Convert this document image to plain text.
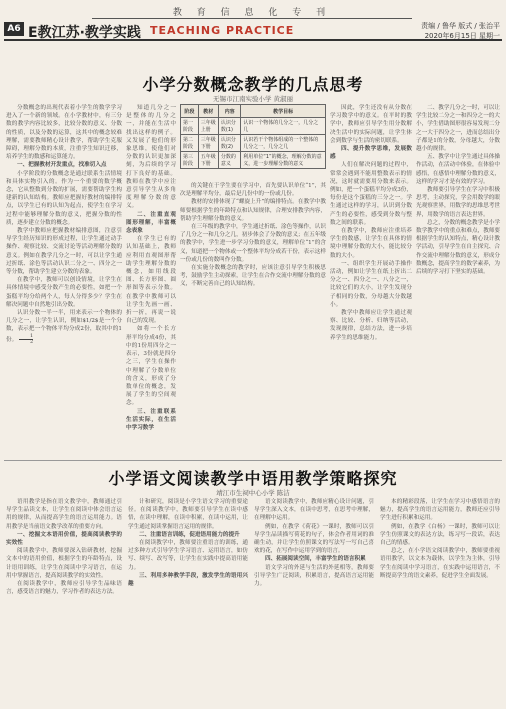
教 育 信 息 化 专 刊
A6 E教江苏·教学实践 TEACHING PRACTICE	责编 / 鲁华 版式 / 张治平
2020年6月15日 星期一
小学分数概念教学的几点思考
无锡市江南实验小学 黄淑丽

分数概念的出现代表着小学生的数学学习进入了一个新的领域。在小学教材中，有三分数的教学内容比较多，比较分数的意义、分数的性质，以及分数的运算，这其中的概念较难理解，需要教师精心设计教学，帮助学生克服障碍，理解分数的本质，注重学生知识迁移，培养学生的数感和运算能力。

一、把握教材开发重点，找准切入点

小学阶段的分数概念是通过联系生活情境和具体实物引入的。作为一个重要的数学概念，它从整数到分数的扩展，需要帮助学生构建新的认知结构。教师应把握好教材的编排特点，以学生已有的认知为起点，使学生在学习过程中能够理解分数的意义，把握分数的性质，逐步建立分数的概念。

教学中教师应把握教材编排意图，注意引导学生经历知识的形成过程，让学生通过动手操作、观察比较、交流讨论等活动理解分数的意义。例如在教学几分之一时，可以让学生通过折纸、涂色等活动认识二分之一、四分之一等分数，帮助学生建立分数的表象。

在教学中，教师可以创设情境，让学生在具体情境中感受分数产生的必要性，如把一个蛋糕平均分给两个人，每人分得多少？学生在解决问题中自然地引出分数。

认识分数一半一半，用来表示一个物体的几分之一，让学生认识，例如$1/2$是一个分数，表示把一个物体平均分成2份，取其中的1份。 $\frac{1}{2}$

知道几分之一是整体的几分之一，并能在生活中找出这样的例子。又发展了他们的形象思维，使他们对分数的认识更加深刻，为后续的学习打下良好的基础。教师在教学中应注意引导学生从多角度理解分数的意义。

二、注重直观图形理解，丰富概念表象

在学生已有的认知基础上，教师应利用直观图形帮助学生理解分数的概念，如用线段图、长方形图、圆形图等表示分数。在教学中教师可以让学生先画一画、折一折，再说一说自己的发现。

如将一个长方形平均分成4份，其中的1份用四分之一表示，3份就是四分之三，学生在操作中理解了分数单位的含义，形成了分数单位的概念，发展了学生的空间观念。

三、注重联系生活实际，在生活中学习数学

阶段	教材	内容	教学目标
第一阶段	三年级上册	认识分数(1)	认识一个物体的几分之一，几分之几
第二阶段	三年级下册	认识分数(2)	认识若干个物体组成的一个整体的几分之一，几分之几
第三阶段	五年级下册	分数的意义	利用单位“1”的概念，理解分数的意义，进一步理解分数的意义

的关键在于学生要在学习中，首先要认识单位“1”，其次是理解平均分，最后是几份中的一份或几份。

教材的安排体现了“螺旋上升”的编排特点。在教学中教师要根据学生的年龄特点和认知规律，合理安排教学内容，帮助学生理解分数的意义。

在三年级的教学中，学生通过折纸、涂色等操作，认识了几分之一和几分之几，初步体会了分数的意义；在五年级的教学中，学生进一步学习分数的意义，理解单位“1”的含义，知道把一个物体或一个整体平均分成若干份，表示这样一份或几份的数叫作分数。

在实施分数概念的教学时，应该注意引导学生积极思考，鼓励学生主动探索，让学生在合作交流中理解分数的意义，不断完善自己的认知结构。

因此，学生还没有从分数在学习数学中的意义。在平时的教学中，教师应引导学生用分数解决生活中的实际问题，让学生体会到数学与生活的密切联系。

四、提升数学思维，发展数感

人们在解决问题的过程中，常常会遇到不能用整数表示的情况，这时就需要用分数来表示。例如，把一个蛋糕平均分成3份，每份是这个蛋糕的三分之一。学生通过这样的学习，认识到分数产生的必要性，感受到分数与整数之间的联系。

在教学中，教师应注重培养学生的数感，让学生在具体的情境中理解分数的大小，能比较分数的大小。

一、组织学生开展动手操作活动，例如让学生在纸上折出二分之一、四分之一、八分之一，比较它们的大小，让学生发现分子相同的分数，分母越大分数越小。

教学中教师应让学生通过观察、比较、分析、归纳等活动，发现规律，总结方法，进一步培养学生的思维能力。

二、教学几分之一时，可以让学生比较二分之一和四分之一的大小，学生借助图形很容易发现二分之一大于四分之一，进而总结出分子都是1的分数，分母越大，分数越小的规律。

五、教学中让学生通过具体操作活动，在活动中体验，在体验中感悟，在感悟中理解分数的意义，这样的学习才是有效的学习。

教师要引导学生在学习中积极思考，主动探究，学会用数学的眼光观察世界，用数学的思维思考世界，用数学的语言表达世界。

总之，分数的概念教学是小学数学教学中的重点和难点，教师要根据学生的认知特点，精心设计教学活动，引导学生在自主探究、合作交流中理解分数的意义，形成分数概念，提高学生的数学素养，为后续的学习打下坚实的基础。

小学语文阅读教学中语用教学策略探究
靖江市生祠中心小学 陈洁

语用教学是指在语文教学中，教师通过引导学生品读文本，让学生在阅读中体会语言运用的规律，从而提高学生的语言运用能力。语用教学是当前语文教学改革的重要方向。

一、挖掘文本语用价值，提高阅读教学的实效性

阅读教学中，教师要深入钻研教材，挖掘文本中的语用价值，根据学生的年龄特点，设计语用训练，让学生在阅读中学习语言，在运用中掌握语言，提高阅读教学的实效性。

在阅读教学中，教师应引导学生品味语言，感受语言的魅力，学习作者的表达方法。

计和研究，阅读是小学生语文学习的重要途径。在阅读教学中，教师要引导学生在读中感悟，在读中理解，在读中积累，在读中运用，让学生通过阅读掌握语言运用的规律。

二、注重语言训练，促进语用能力的提升

在阅读教学中，教师要注重语言的训练，通过多种方式引导学生学习语言、运用语言，如仿写、续写、改写等，让学生在实践中提高语用能力。

三、利用多种教学手段，激发学生的语用兴趣

语文阅读教学中，教师应精心设计问题，引导学生深入文本，在读中思考，在思考中理解，在理解中运用。

例如，在教学《荷花》一课时，教师可以引导学生品读描写荷花的句子，体会作者用词的准确生动，并让学生仿照课文的写法写一写自己喜欢的花，在写作中运用学到的语言。

四、拓展阅读空间，丰富学生的语言积累

语文学习的外延与生活的外延相等，教师要引导学生广泛阅读，积累语言，提高语言运用能力。

本的精彩段落，让学生在学习中感悟语言的魅力，提高学生的语言运用能力，教师还应引导学生进行积累和运用。

例如，在教学《白杨》一课时，教师可以让学生仿照课文的表达方法，练习写一段话，表达自己的情感。

总之，在小学语文阅读教学中，教师要重视语用教学，以文本为载体，以学生为主体，引导学生在阅读中学习语言，在实践中运用语言，不断提高学生的语文素养，促进学生全面发展。
